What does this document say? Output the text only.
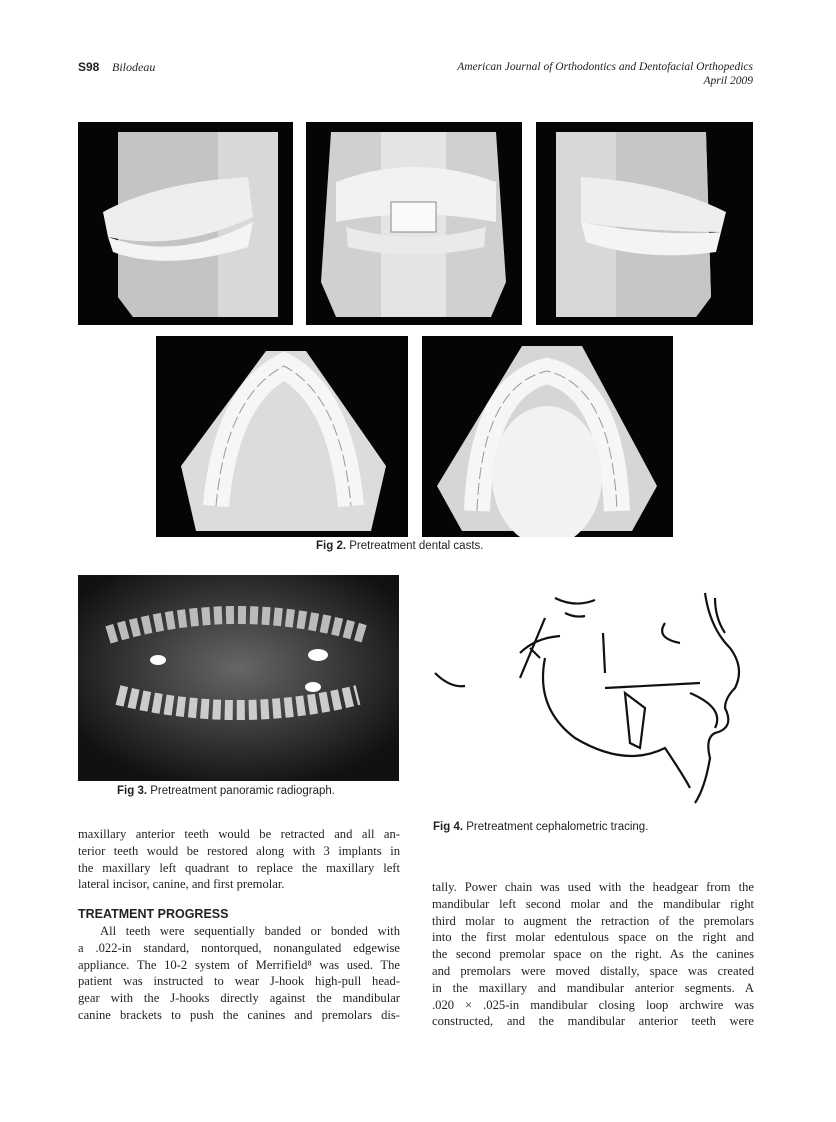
S98 Bilodeau	American Journal of Orthodontics and Dentofacial Orthopedics
April 2009
Fig 2. Pretreatment dental casts.
Fig 3. Pretreatment panoramic radiograph.
Fig 4. Pretreatment cephalometric tracing.
maxillary anterior teeth would be retracted and all an-
terior teeth would be restored along with 3 implants in
the maxillary left quadrant to replace the maxillary left
lateral incisor, canine, and first premolar.
TREATMENT PROGRESS
All teeth were sequentially banded or bonded with
a .022-in standard, nontorqued, nonangulated edgewise
appliance. The 10-2 system of Merrifield⁸ was used. The
patient was instructed to wear J-hook high-pull head-
gear with the J-hooks directly against the mandibular
canine brackets to push the canines and premolars dis-
tally. Power chain was used with the headgear from the
mandibular left second molar and the mandibular right
third molar to augment the retraction of the premolars
into the first molar edentulous space on the right and
the second premolar space on the right. As the canines
and premolars were moved distally, space was created
in the maxillary and mandibular anterior segments. A
.020 × .025-in mandibular closing loop archwire was
constructed, and the mandibular anterior teeth were
